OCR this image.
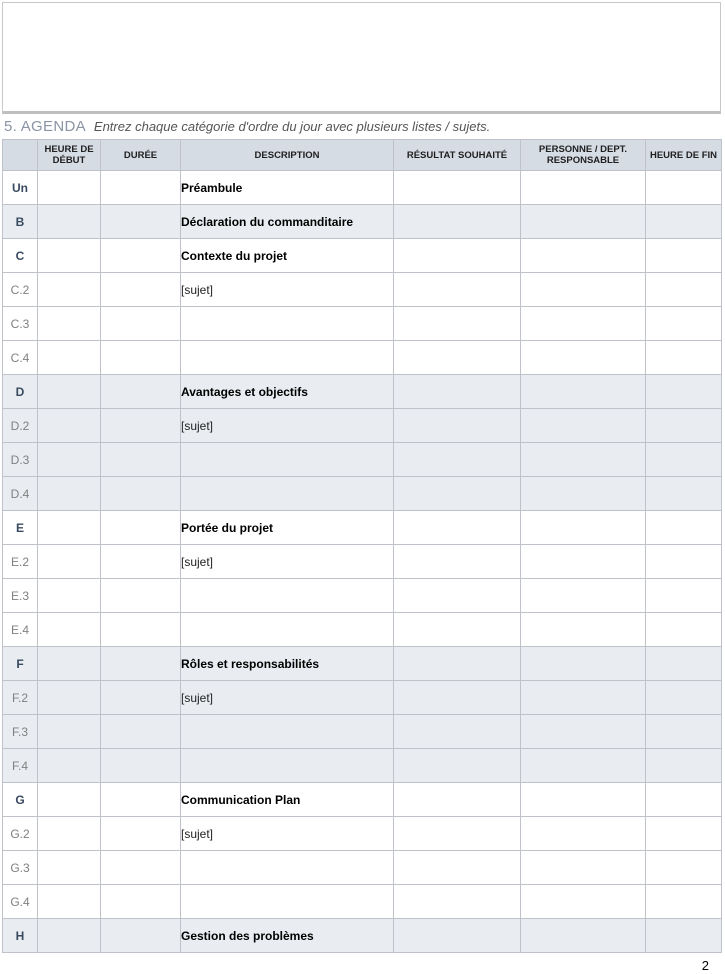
5. AGENDA Entrez chaque catégorie d'ordre du jour avec plusieurs listes / sujets.
	HEURE DE DÉBUT	DURÉE	DESCRIPTION	RÉSULTAT SOUHAITÉ	PERSONNE / DEPT. RESPONSABLE	HEURE DE FIN
Un			Préambule			
B			Déclaration du commanditaire			
C			Contexte du projet			
C.2			[sujet]			
C.3						
C.4						
D			Avantages et objectifs			
D.2			[sujet]			
D.3						
D.4						
E			Portée du projet			
E.2			[sujet]			
E.3						
E.4						
F			Rôles et responsabilités			
F.2			[sujet]			
F.3						
F.4						
G			Communication Plan			
G.2			[sujet]			
G.3						
G.4						
H			Gestion des problèmes			
2
